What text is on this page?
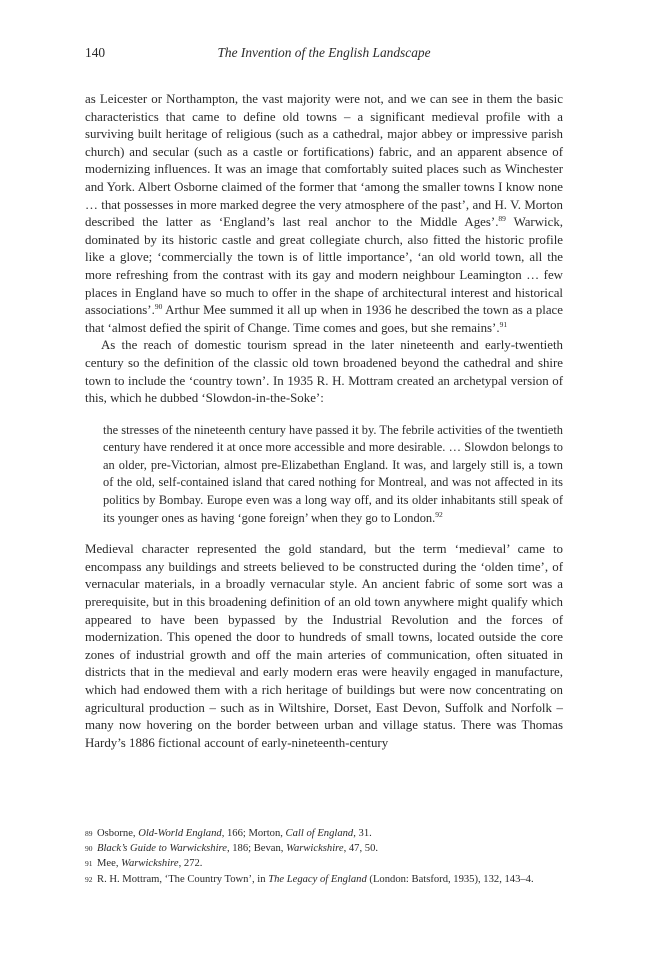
140	The Invention of the English Landscape

as Leicester or Northampton, the vast majority were not, and we can see in them the basic characteristics that came to define old towns – a significant medieval profile with a surviving built heritage of religious (such as a cathedral, major abbey or impressive parish church) and secular (such as a castle or fortifications) fabric, and an apparent absence of modernizing influences. It was an image that comfortably suited places such as Winchester and York. Albert Osborne claimed of the former that ‘among the smaller towns I know none … that possesses in more marked degree the very atmosphere of the past’, and H. V. Morton described the latter as ‘England’s last real anchor to the Middle Ages’.$^{89}$ Warwick, dominated by its historic castle and great collegiate church, also fitted the historic profile like a glove; ‘commercially the town is of little importance’, ‘an old world town, all the more refreshing from the contrast with its gay and modern neighbour Leamington … few places in England have so much to offer in the shape of architectural interest and historical associations’.$^{90}$ Arthur Mee summed it all up when in 1936 he described the town as a place that ‘almost defied the spirit of Change. Time comes and goes, but she remains’.$^{91}$

As the reach of domestic tourism spread in the later nineteenth and early-twentieth century so the definition of the classic old town broadened beyond the cathedral and shire town to include the ‘country town’. In 1935 R. H. Mottram created an archetypal version of this, which he dubbed ‘Slowdon-in-the-Soke’:

the stresses of the nineteenth century have passed it by. The febrile activities of the twentieth century have rendered it at once more accessible and more desirable. … Slowdon belongs to an older, pre-Victorian, almost pre-Elizabethan England. It was, and largely still is, a town of the old, self-contained island that cared nothing for Montreal, and was not affected in its politics by Bombay. Europe even was a long way off, and its older inhabitants still speak of its younger ones as having ‘gone foreign’ when they go to London.$^{92}$

Medieval character represented the gold standard, but the term ‘medieval’ came to encompass any buildings and streets believed to be constructed during the ‘olden time’, of vernacular materials, in a broadly vernacular style. An ancient fabric of some sort was a prerequisite, but in this broadening definition of an old town anywhere might qualify which appeared to have been bypassed by the Industrial Revolution and the forces of modernization. This opened the door to hundreds of small towns, located outside the core zones of industrial growth and off the main arteries of communication, often situated in districts that in the medieval and early modern eras were heavily engaged in manufacture, which had endowed them with a rich heritage of buildings but were now concentrating on agricultural production – such as in Wiltshire, Dorset, East Devon, Suffolk and Norfolk – many now hovering on the border between urban and village status. There was Thomas Hardy’s 1886 fictional account of early-nineteenth-century

89 Osborne, Old-World England, 166; Morton, Call of England, 31.
90 Black’s Guide to Warwickshire, 186; Bevan, Warwickshire, 47, 50.
91 Mee, Warwickshire, 272.
92 R. H. Mottram, ‘The Country Town’, in The Legacy of England (London: Batsford, 1935), 132, 143–4.
